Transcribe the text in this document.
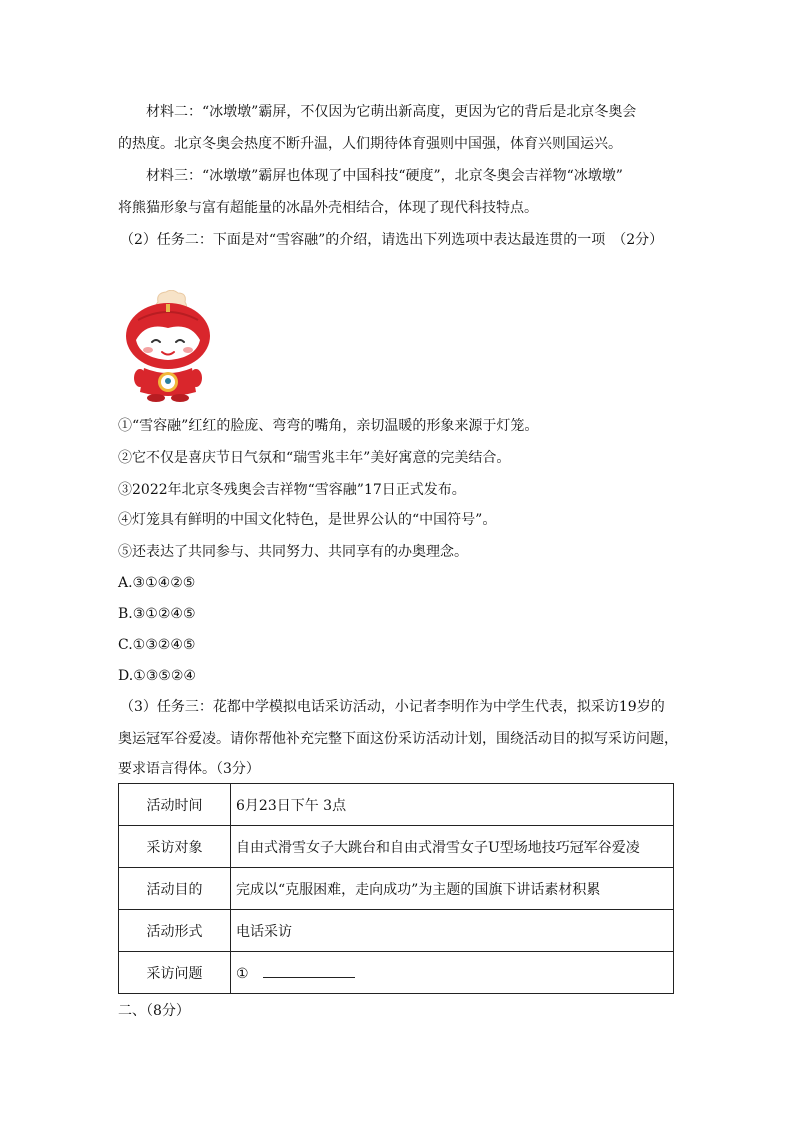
材料二：“冰墩墩”霸屏，不仅因为它萌出新高度，更因为它的背后是北京冬奥会
的热度。北京冬奥会热度不断升温，人们期待体育强则中国强，体育兴则国运兴。
材料三：“冰墩墩”霸屏也体现了中国科技“硬度”，北京冬奥会吉祥物“冰墩墩”
将熊猫形象与富有超能量的冰晶外壳相结合，体现了现代科技特点。
（2）任务二：下面是对“雪容融”的介绍，请选出下列选项中表达最连贯的一项　（2分）
①“雪容融”红红的脸庞、弯弯的嘴角，亲切温暖的形象来源于灯笼。
②它不仅是喜庆节日气氛和“瑞雪兆丰年”美好寓意的完美结合。
③2022年北京冬残奥会吉祥物“雪容融”17日正式发布。
④灯笼具有鲜明的中国文化特色，是世界公认的“中国符号”。
⑤还表达了共同参与、共同努力、共同享有的办奥理念。
A.③①④②⑤
B.③①②④⑤
C.①③②④⑤
D.①③⑤②④
（3）任务三：花都中学模拟电话采访活动，小记者李明作为中学生代表，拟采访19岁的
奥运冠军谷爱凌。请你帮他补充完整下面这份采访活动计划，围绕活动目的拟写采访问题，
要求语言得体。（3分）
活动时间	6月23日下午 3点
采访对象	自由式滑雪女子大跳台和自由式滑雪女子U型场地技巧冠军谷爱凌
活动目的	完成以“克服困难，走向成功”为主题的国旗下讲话素材积累
活动形式	电话采访
采访问题	①
二、（8分）
